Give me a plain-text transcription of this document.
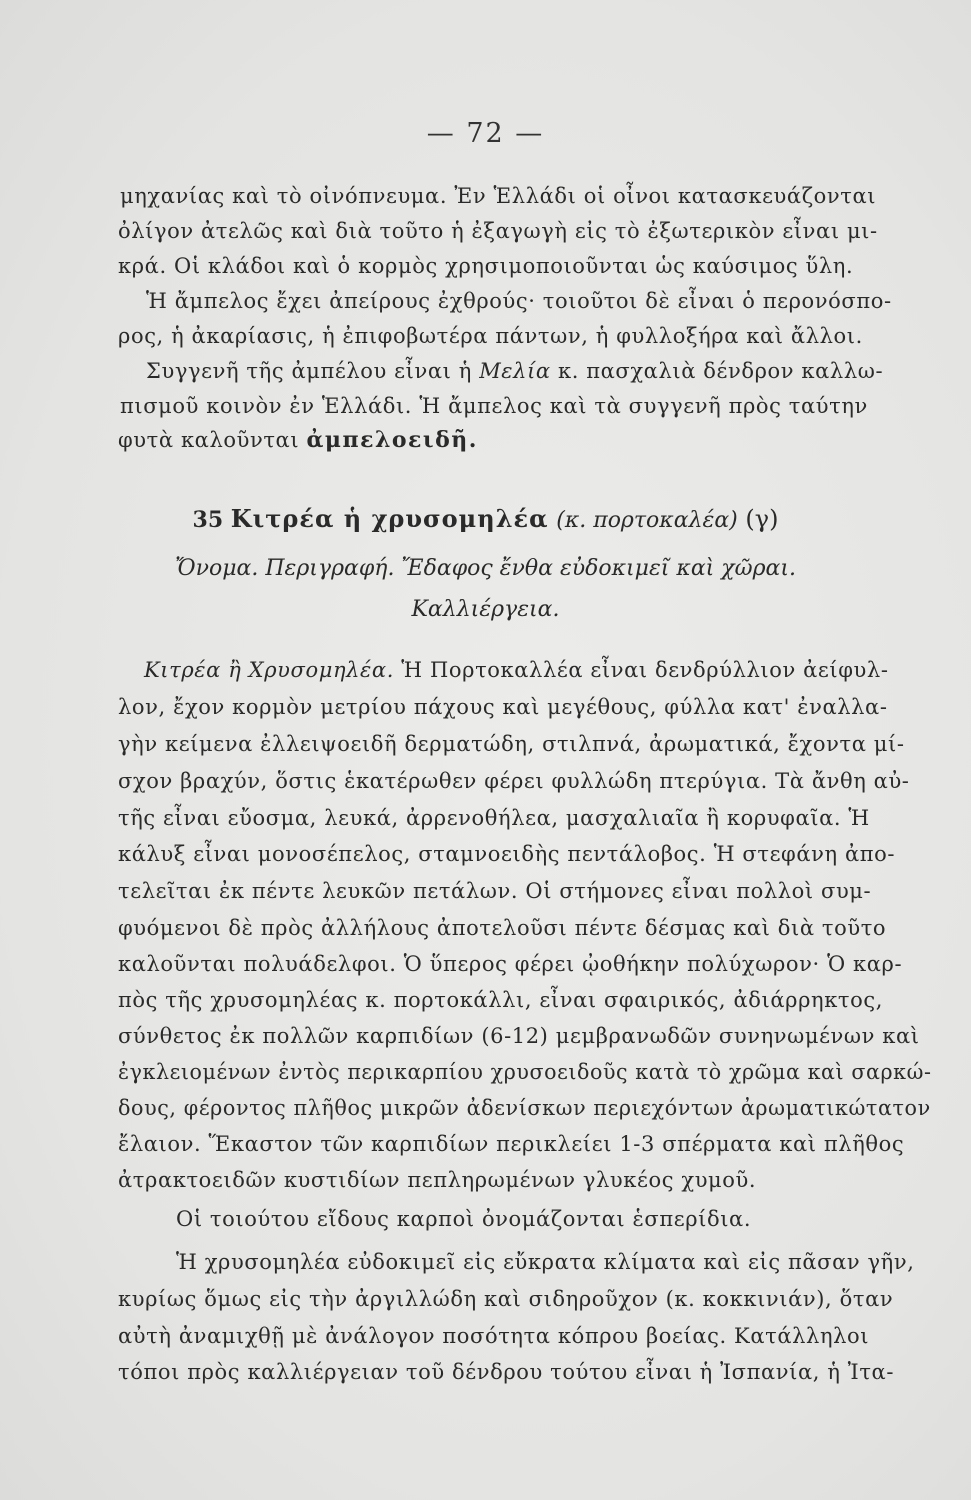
— 72 —
μηχανίας καὶ τὸ οἰνόπνευμα. Ἐν Ἑλλάδι οἱ οἶνοι κατασκευάζονται
ὀλίγον ἀτελῶς καὶ διὰ τοῦτο ἡ ἐξαγωγὴ εἰς τὸ ἐξωτερικὸν εἶναι μι-
κρά. Οἱ κλάδοι καὶ ὁ κορμὸς χρησιμοποιοῦνται ὡς καύσιμος ὕλη.
Ἡ ἄμπελος ἔχει ἀπείρους ἐχθρούς· τοιοῦτοι δὲ εἶναι ὁ περονόσπο-
ρος, ἡ ἀκαρίασις, ἡ ἐπιφοβωτέρα πάντων, ἡ φυλλοξήρα καὶ ἄλλοι.
Συγγενῆ τῆς ἀμπέλου εἶναι ἡ Μελία κ. πασχαλιὰ δένδρον καλλω-
πισμοῦ κοινὸν ἐν Ἑλλάδι. Ἡ ἄμπελος καὶ τὰ συγγενῆ πρὸς ταύτην
φυτὰ καλοῦνται ἀμπελοειδῆ.
35 Κιτρέα ἡ χρυσομηλέα (κ. πορτοκαλέα) (γ)
Ὄνομα. Περιγραφή. Ἔδαφος ἔνθα εὐδοκιμεῖ καὶ χῶραι.
Καλλιέργεια.
Κιτρέα ἢ Χρυσομηλέα. Ἡ Πορτοκαλλέα εἶναι δενδρύλλιον ἀείφυλ-
λον, ἔχον κορμὸν μετρίου πάχους καὶ μεγέθους, φύλλα κατ' ἐναλλα-
γὴν κείμενα ἐλλειψοειδῆ δερματώδη, στιλπνά, ἀρωματικά, ἔχοντα μί-
σχον βραχύν, ὅστις ἑκατέρωθεν φέρει φυλλώδη πτερύγια. Τὰ ἄνθη αὐ-
τῆς εἶναι εὔοσμα, λευκά, ἀρρενοθήλεα, μασχαλιαῖα ἢ κορυφαῖα. Ἡ
κάλυξ εἶναι μονοσέπελος, σταμνοειδὴς πεντάλοβος. Ἡ στεφάνη ἀπο-
τελεῖται ἐκ πέντε λευκῶν πετάλων. Οἱ στήμονες εἶναι πολλοὶ συμ-
φυόμενοι δὲ πρὸς ἀλλήλους ἀποτελοῦσι πέντε δέσμας καὶ διὰ τοῦτο
καλοῦνται πολυάδελφοι. Ὁ ὕπερος φέρει ᾠοθήκην πολύχωρον· Ὁ καρ-
πὸς τῆς χρυσομηλέας κ. πορτοκάλλι, εἶναι σφαιρικός, ἀδιάρρηκτος,
σύνθετος ἐκ πολλῶν καρπιδίων (6-12) μεμβρανωδῶν συνηνωμένων καὶ
ἐγκλειομένων ἐντὸς περικαρπίου χρυσοειδοῦς κατὰ τὸ χρῶμα καὶ σαρκώ-
δους, φέροντος πλῆθος μικρῶν ἀδενίσκων περιεχόντων ἀρωματικώτατον
ἔλαιον. Ἕκαστον τῶν καρπιδίων περικλείει 1-3 σπέρματα καὶ πλῆθος
ἀτρακτοειδῶν κυστιδίων πεπληρωμένων γλυκέος χυμοῦ.
Οἱ τοιούτου εἴδους καρποὶ ὀνομάζονται ἑσπερίδια.
Ἡ χρυσομηλέα εὐδοκιμεῖ εἰς εὔκρατα κλίματα καὶ εἰς πᾶσαν γῆν,
κυρίως ὅμως εἰς τὴν ἀργιλλώδη καὶ σιδηροῦχον (κ. κοκκινιάν), ὅταν
αὐτὴ ἀναμιχθῇ μὲ ἀνάλογον ποσότητα κόπρου βοείας. Κατάλληλοι
τόποι πρὸς καλλιέργειαν τοῦ δένδρου τούτου εἶναι ἡ Ἰσπανία, ἡ Ἰτα-
